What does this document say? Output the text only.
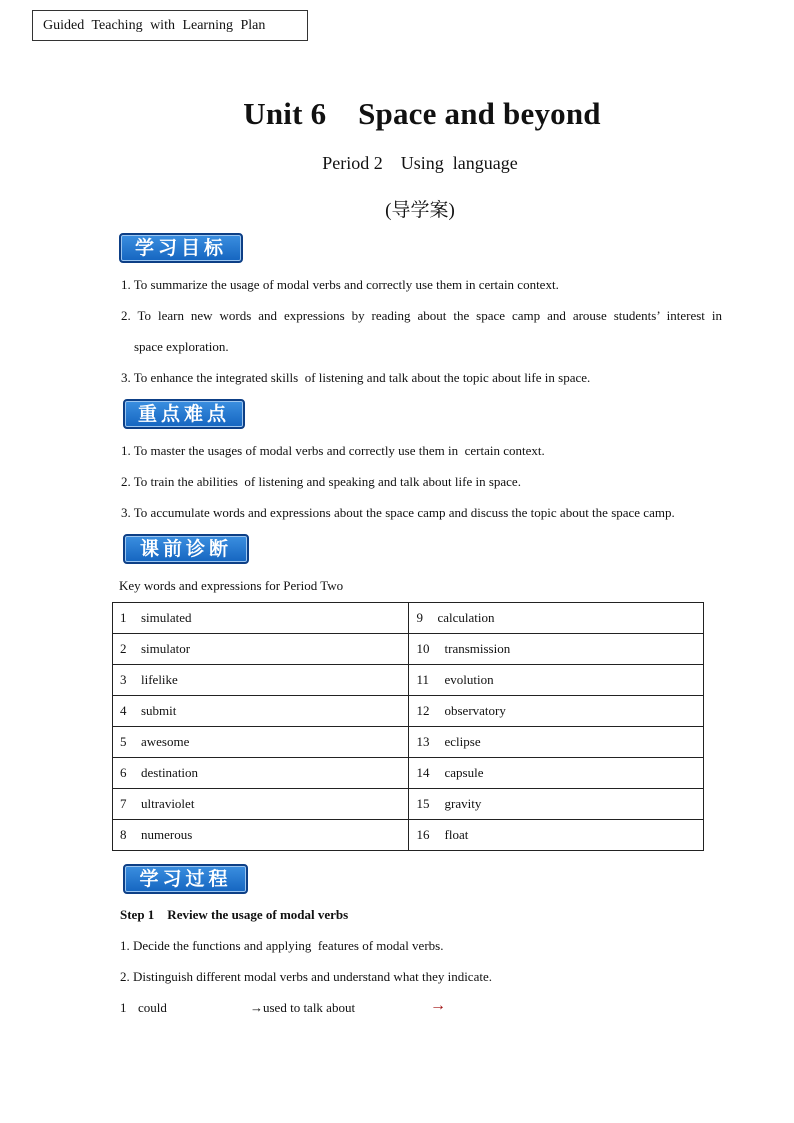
Guided Teaching with Learning Plan
Unit 6    Space and beyond
Period 2    Using  language
(导学案)
学习目标
1. To summarize the usage of modal verbs and correctly use them in certain context.
2. To learn new words and expressions by reading about the space camp and arouse students’ interest in
space exploration.
3. To enhance the integrated skills  of listening and talk about the topic about life in space.
重点难点
1. To master the usages of modal verbs and correctly use them in  certain context.
2. To train the abilities  of listening and speaking and talk about life in space.
3. To accumulate words and expressions about the space camp and discuss the topic about the space camp.
课前诊断
Key words and expressions for Period Two
1 simulated	9 calculation
2 simulator	10 transmission
3 lifelike	11 evolution
4 submit	12 observatory
5 awesome	13 eclipse
6 destination	14 capsule
7 ultraviolet	15 gravity
8 numerous	16 float
学习过程
Step 1    Review the usage of modal verbs
1. Decide the functions and applying  features of modal verbs.
2. Distinguish different modal verbs and understand what they indicate.
1 could	→used to talk about	→
